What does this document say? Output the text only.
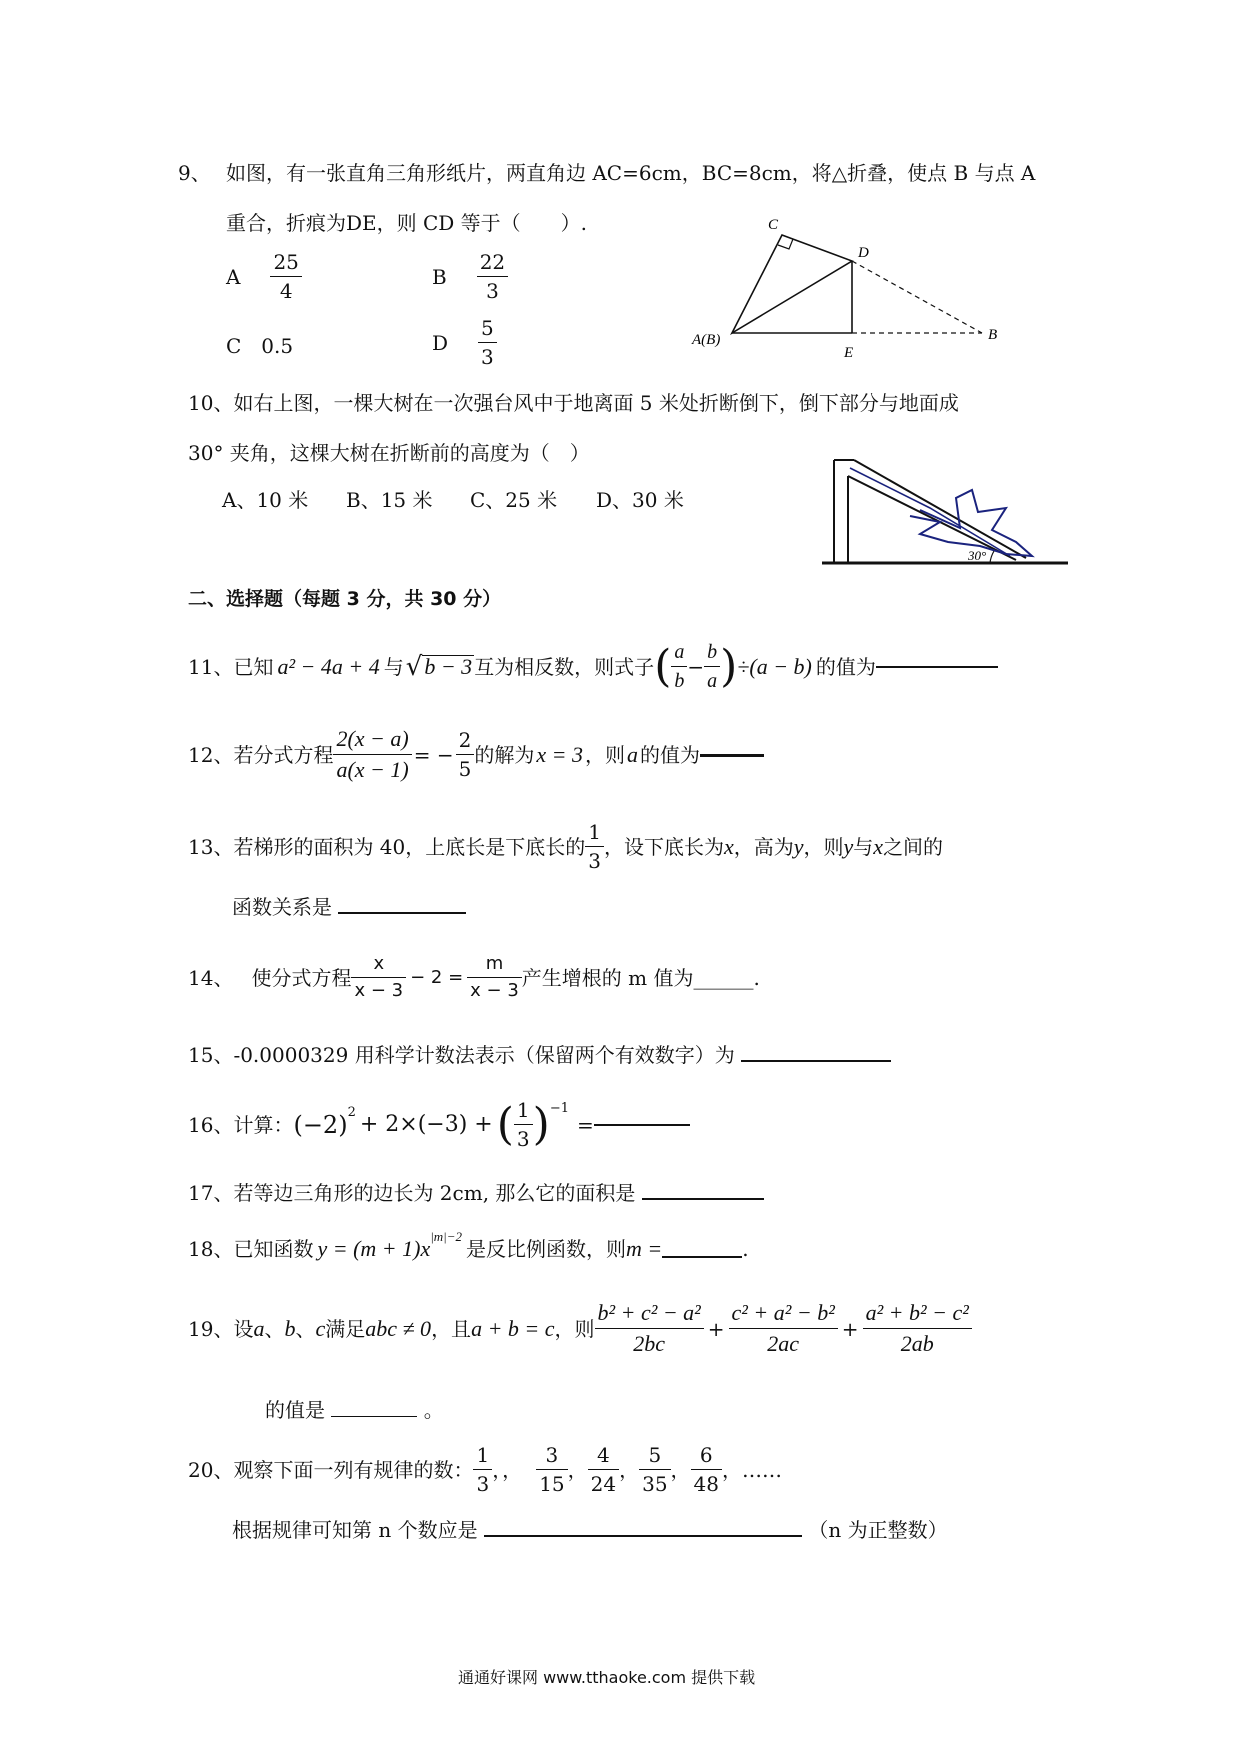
9、 如图，有一张直角三角形纸片，两直角边 AC=6cm，BC=8cm，将△折叠，使点 B 与点 A
重合，折痕为DE，则 CD 等于（　　）.
A $\frac{25}{4}$	B $\frac{22}{3}$
C　0.5	D $\frac{5}{3}$
C
D
A(B)
E
B
10、如右上图，一棵大树在一次强台风中于地离面 5 米处折断倒下，倒下部分与地面成
30° 夹角，这棵大树在折断前的高度为（　）
A、10 米 B、15 米 C、25 米 D、30 米
30°
二、选择题（每题 3 分，共 30 分）
11、 已知 a² − 4a + 4 与 √ b − 3 互为相反数，则式子 ( $\frac{a}{b} - \frac{b}{a}$ ) ÷(a − b) 的值为
12、 若分式方程 $\frac{2(x - a)}{a(x - 1)}$ = − $\frac{2}{5}$ 的解为 x = 3 ，则 a 的值为
13、 若梯形的面积为 40，上底长是下底长的 $\frac{1}{3}$ ，设下底长为 x ，高为 y ，则 y 与 x 之间的
函数关系是
14、 使分式方程 $\frac{x}{x - 3} - 2 = \frac{m}{x - 3}$ 产生增根的 m 值为______.
15、-0.0000329 用科学计数法表示（保留两个有效数字）为
16、 计算： $(-2)^2 + 2\times(-3)$ + ( $\frac{1}{3} )^{-1}$
=
17、若等边三角形的边长为 2cm, 那么它的面积是
18、 已知函数 $y = (m + 1)x^{|m|-2}$
是反比例函数，则 m =	.
19、 设 a 、 b 、 c 满足 abc ≠ 0 ，且 a + b = c ，则 $\frac{\text{b² + c² − a²}}{2bc} + \frac{\text{c² + a² − b²}}{2ac} + \frac{\text{a² + b² − c²}}{2ab}$
的值是	。
20、 观察下面一列有规律的数： $\frac{1}{3}$ ，， $\frac{3}{15}$ ， $\frac{4}{24}$ ， $\frac{5}{35}$ ， $\frac{6}{48}$ ，……
根据规律可知第 n 个数应是	（n 为正整数）
通通好课网 www.tthaoke.com 提供下载
